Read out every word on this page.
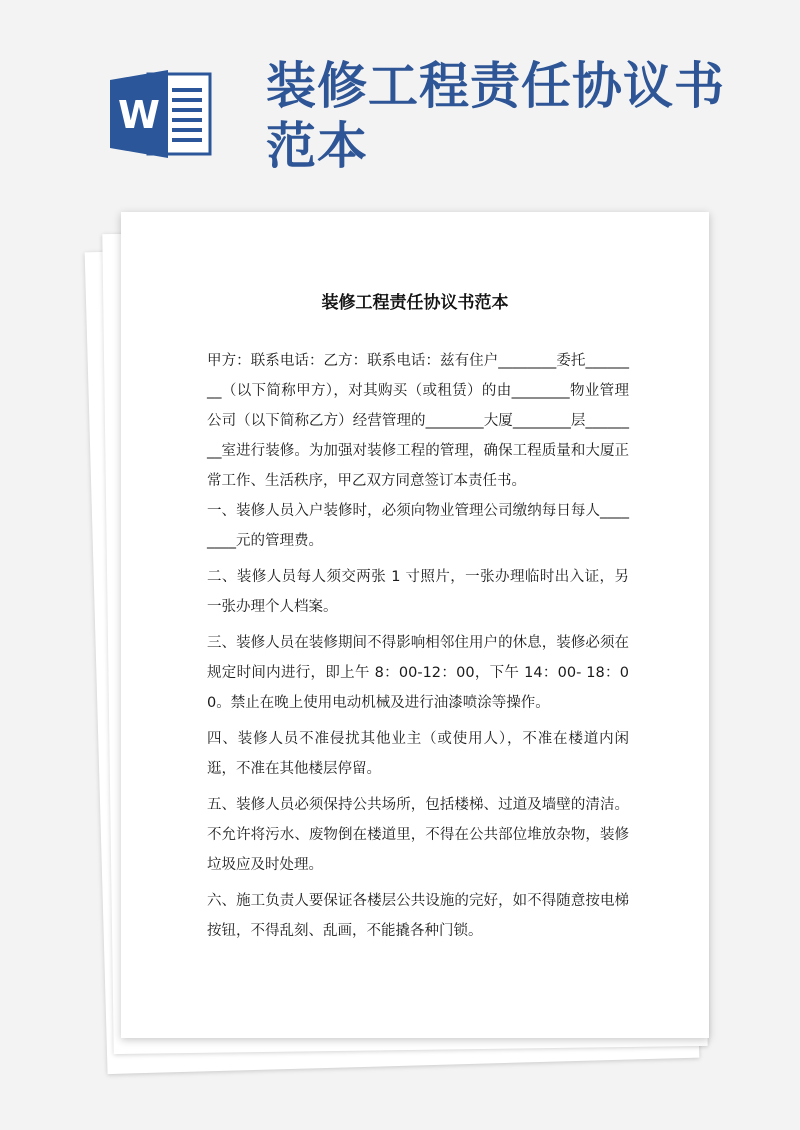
W 装修工程责任协议书范本
装修工程责任协议书范本

甲方：联系电话：乙方：联系电话：兹有住户________委托________（以下简称甲方），对其购买（或租赁）的由________物业管理公司（以下简称乙方）经营管理的________大厦________层________室进行装修。为加强对装修工程的管理，确保工程质量和大厦正常工作、生活秩序，甲乙双方同意签订本责任书。

一、装修人员入户装修时，必须向物业管理公司缴纳每日每人________元的管理费。

二、装修人员每人须交两张 1 寸照片，一张办理临时出入证，另一张办理个人档案。

三、装修人员在装修期间不得影响相邻住用户的休息，装修必须在规定时间内进行，即上午 8：00-12：00，下午 14：00- 18：00。禁止在晚上使用电动机械及进行油漆喷涂等操作。

四、装修人员不准侵扰其他业主（或使用人），不准在楼道内闲逛，不准在其他楼层停留。

五、装修人员必须保持公共场所，包括楼梯、过道及墙壁的清洁。不允许将污水、废物倒在楼道里，不得在公共部位堆放杂物，装修垃圾应及时处理。

六、施工负责人要保证各楼层公共设施的完好，如不得随意按电梯按钮，不得乱刻、乱画，不能撬各种门锁。
